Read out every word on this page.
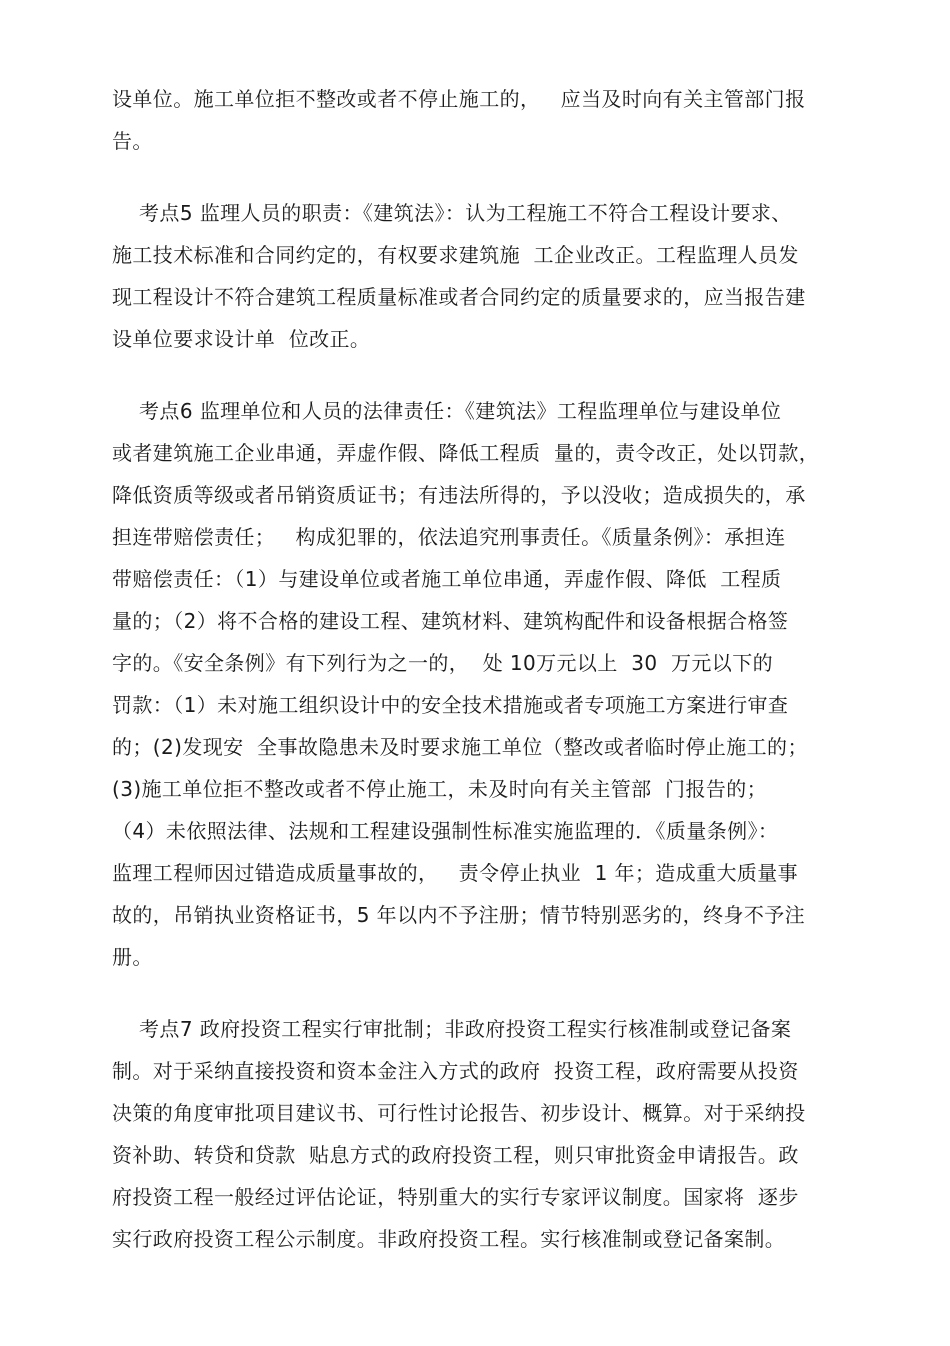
设单位。施工单位拒不整改或者不停止施工的，   应当及时向有关主管部门报
告。
考点5 监理人员的职责：《建筑法》：认为工程施工不符合工程设计要求、
施工技术标准和合同约定的，有权要求建筑施  工企业改正。工程监理人员发
现工程设计不符合建筑工程质量标准或者合同约定的质量要求的，应当报告建
设单位要求设计单  位改正。
考点6 监理单位和人员的法律责任：《建筑法》工程监理单位与建设单位
或者建筑施工企业串通，弄虚作假、降低工程质  量的，责令改正，处以罚款，
降低资质等级或者吊销资质证书；有违法所得的，予以没收；造成损失的，承
担连带赔偿责任；   构成犯罪的，依法追究刑事责任。《质量条例》：承担连
带赔偿责任：（1）与建设单位或者施工单位串通，弄虚作假、降低  工程质
量的；（2）将不合格的建设工程、建筑材料、建筑构配件和设备根据合格签
字的。《安全条例》有下列行为之一的，  处 10万元以上  30  万元以下的
罚款：（1）未对施工组织设计中的安全技术措施或者专项施工方案进行审查
的；(2)发现安  全事故隐患未及时要求施工单位（整改或者临时停止施工的；
(3)施工单位拒不整改或者不停止施工，未及时向有关主管部  门报告的；
（4）未依照法律、法规和工程建设强制性标准实施监理的．《质量条例》：
监理工程师因过错造成质量事故的，   责令停止执业  1 年；造成重大质量事
故的，吊销执业资格证书，5 年以内不予注册；情节特别恶劣的，终身不予注
册。
考点7 政府投资工程实行审批制；非政府投资工程实行核准制或登记备案
制。对于采纳直接投资和资本金注入方式的政府  投资工程，政府需要从投资
决策的角度审批项目建议书、可行性讨论报告、初步设计、概算。对于采纳投
资补助、转贷和贷款  贴息方式的政府投资工程，则只审批资金申请报告。政
府投资工程一般经过评估论证，特别重大的实行专家评议制度。国家将  逐步
实行政府投资工程公示制度。非政府投资工程。实行核准制或登记备案制。
